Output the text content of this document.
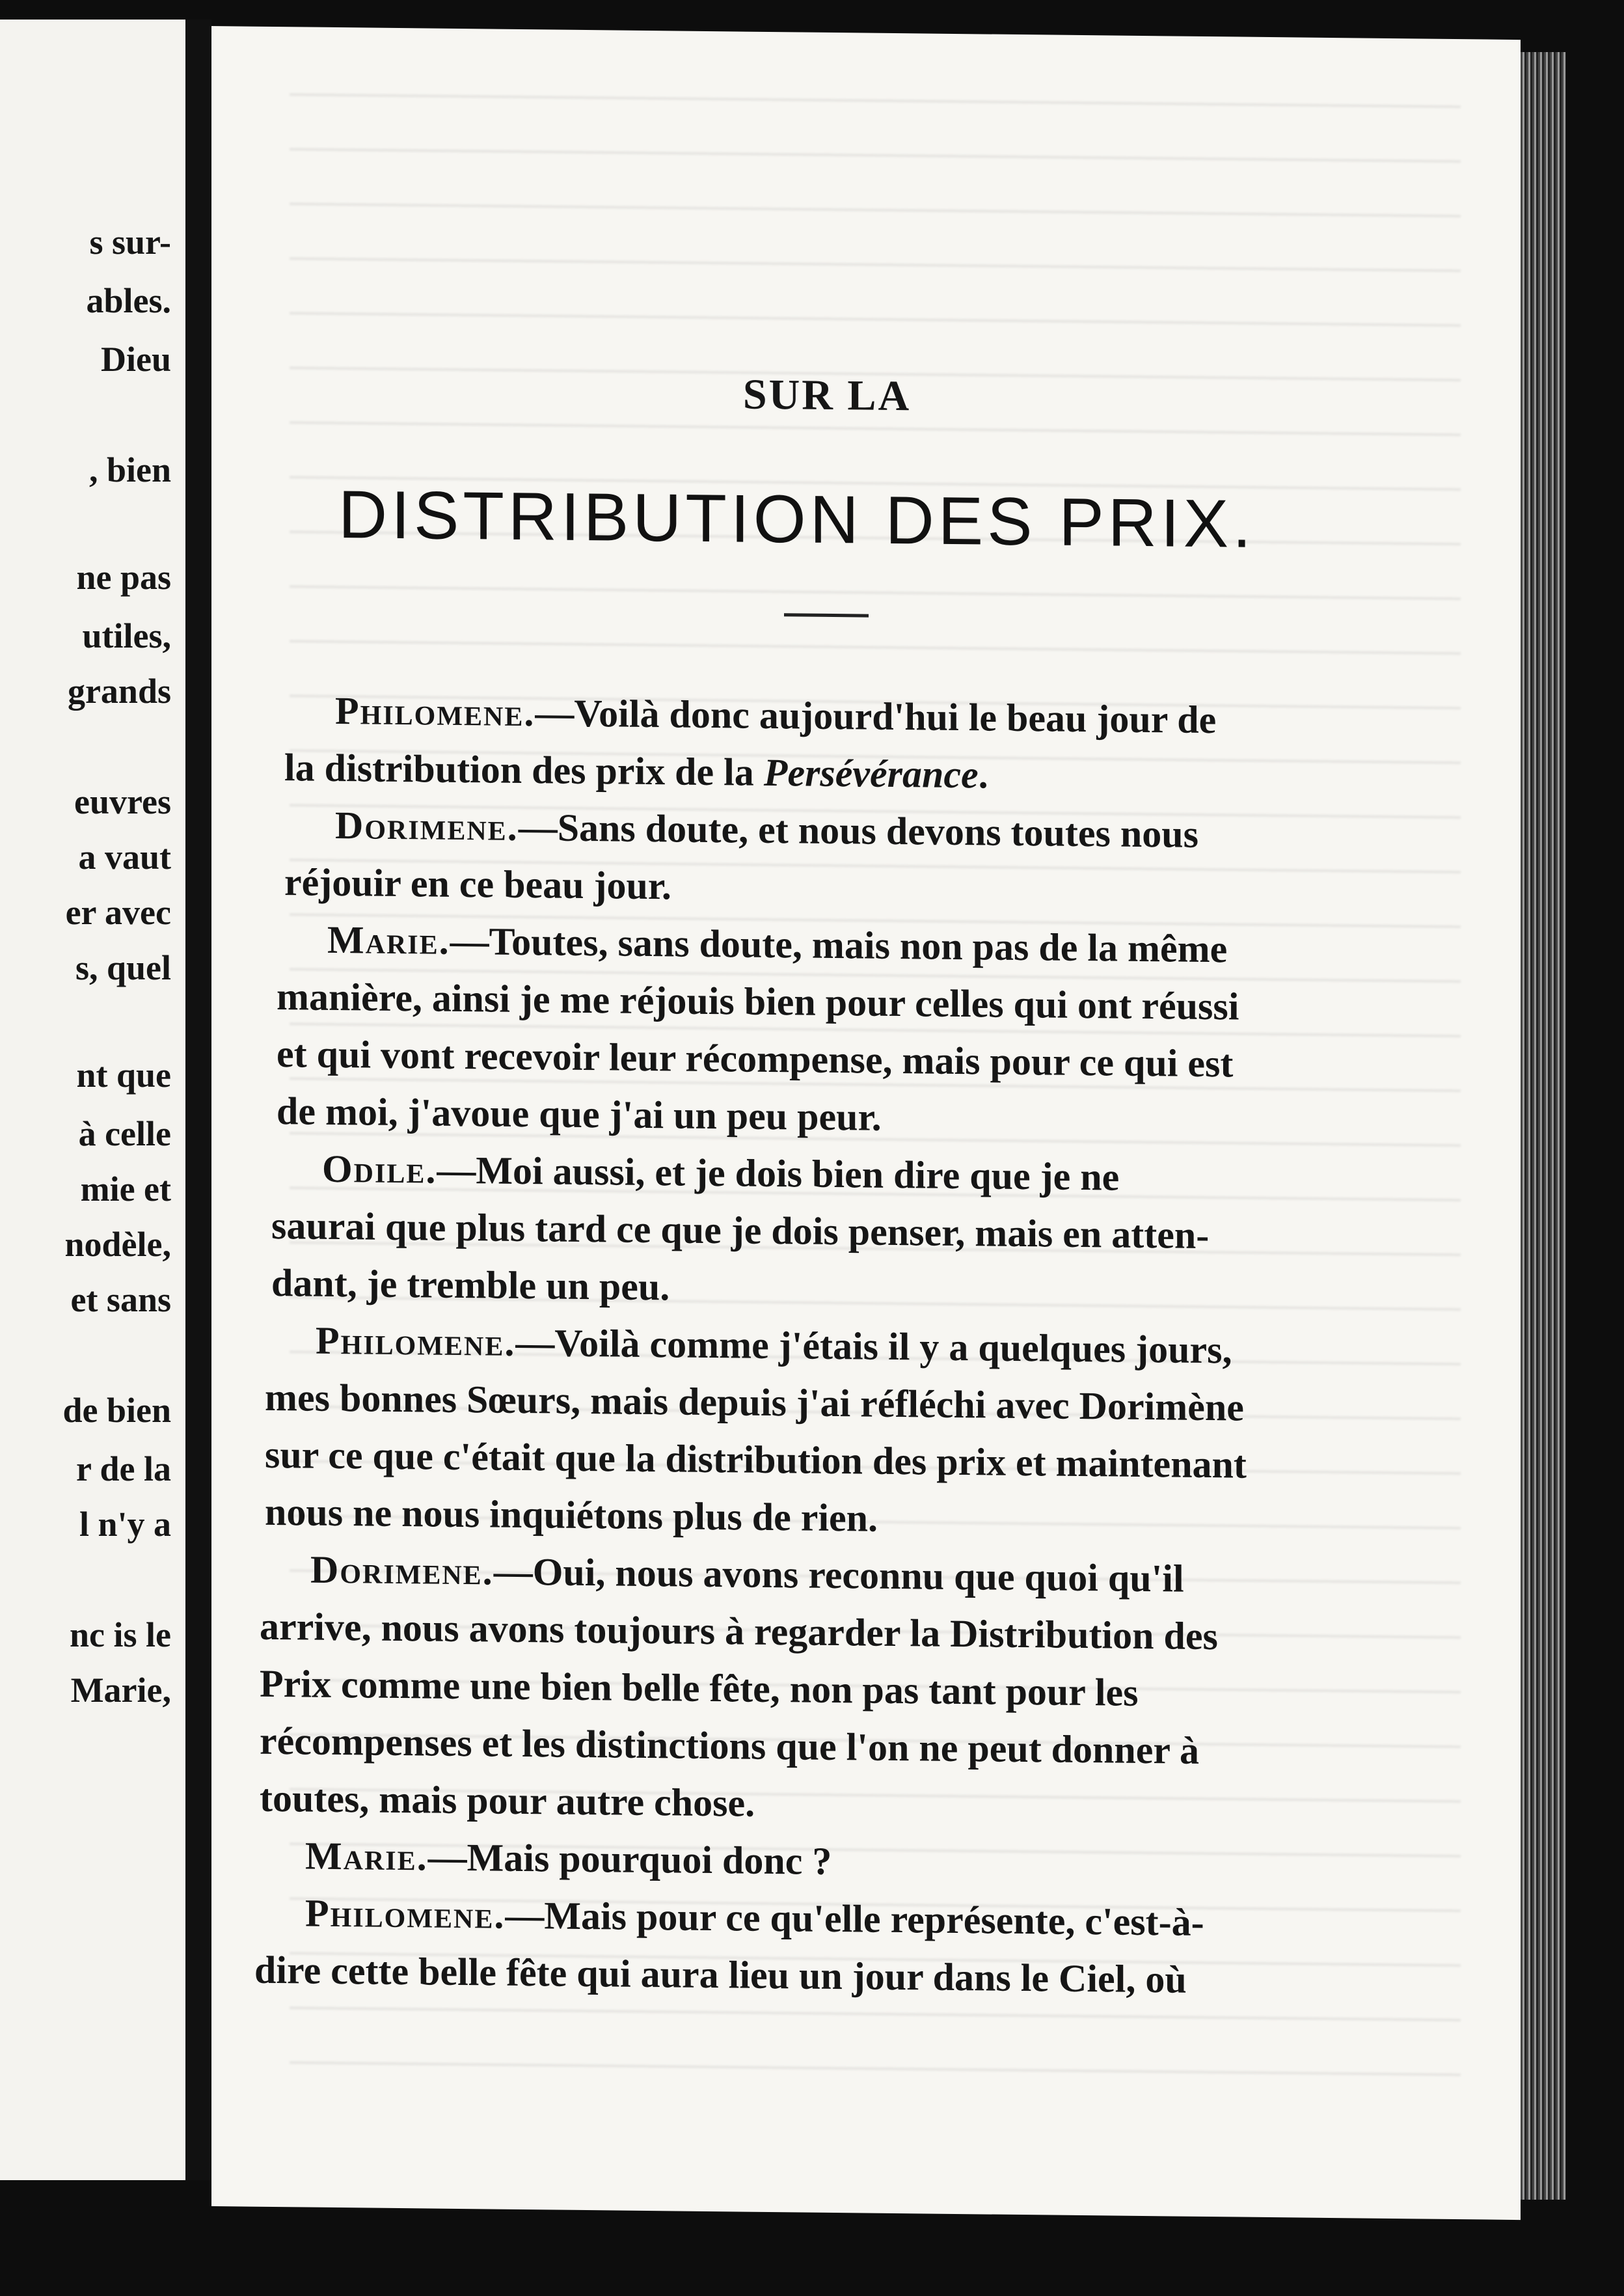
s sur-
ables.
Dieu
, bien
ne pas
utiles,
grands
euvres
a vaut
er avec
s, quel
nt que
à celle
mie et
nodèle,
et sans
de bien
r de la
l n'y a
nc is le
Marie,
SUR LA
DISTRIBUTION DES PRIX.
Philomene.—Voilà donc aujourd'hui le beau jour de
la distribution des prix de la Persévérance.
Dorimene.—Sans doute, et nous devons toutes nous
réjouir en ce beau jour.
Marie.—Toutes, sans doute, mais non pas de la même
manière, ainsi je me réjouis bien pour celles qui ont réussi
et qui vont recevoir leur récompense, mais pour ce qui est
de moi, j'avoue que j'ai un peu peur.
Odile.—Moi aussi, et je dois bien dire que je ne
saurai que plus tard ce que je dois penser, mais en atten-
dant, je tremble un peu.
Philomene.—Voilà comme j'étais il y a quelques jours,
mes bonnes Sœurs, mais depuis j'ai réfléchi avec Dorimène
sur ce que c'était que la distribution des prix et maintenant
nous ne nous inquiétons plus de rien.
Dorimene.—Oui, nous avons reconnu que quoi qu'il
arrive, nous avons toujours à regarder la Distribution des
Prix comme une bien belle fête, non pas tant pour les
récompenses et les distinctions que l'on ne peut donner à
toutes, mais pour autre chose.
Marie.—Mais pourquoi donc ?
Philomene.—Mais pour ce qu'elle représente, c'est-à-
dire cette belle fête qui aura lieu un jour dans le Ciel, où
